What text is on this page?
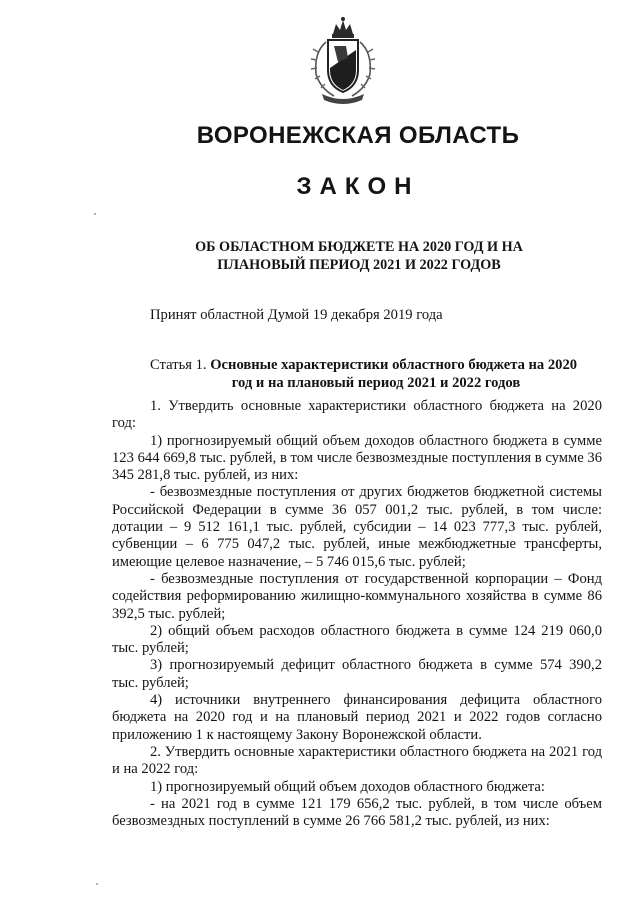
ВОРОНЕЖСКАЯ ОБЛАСТЬ
ЗАКОН
ОБ ОБЛАСТНОМ БЮДЖЕТЕ НА 2020 ГОД И НА
ПЛАНОВЫЙ ПЕРИОД 2021 И 2022 ГОДОВ
Принят областной Думой 19 декабря 2019 года
Статья 1. Основные характеристики областного бюджета на 2020
год и на плановый период 2021 и 2022 годов

1. Утвердить основные характеристики областного бюджета на 2020 год:

1) прогнозируемый общий объем доходов областного бюджета в сумме 123 644 669,8 тыс. рублей, в том числе безвозмездные поступления в сумме 36 345 281,8 тыс. рублей, из них:

- безвозмездные поступления от других бюджетов бюджетной системы Российской Федерации в сумме 36 057 001,2 тыс. рублей, в том числе: дотации – 9 512 161,1 тыс. рублей, субсидии – 14 023 777,3 тыс. рублей, субвенции – 6 775 047,2 тыс. рублей, иные межбюджетные трансферты, имеющие целевое назначение, – 5 746 015,6 тыс. рублей;

- безвозмездные поступления от государственной корпорации – Фонд содействия реформированию жилищно-коммунального хозяйства в сумме 86 392,5 тыс. рублей;

2) общий объем расходов областного бюджета в сумме 124 219 060,0 тыс. рублей;

3) прогнозируемый дефицит областного бюджета в сумме 574 390,2 тыс. рублей;

4) источники внутреннего финансирования дефицита областного бюджета на 2020 год и на плановый период 2021 и 2022 годов согласно приложению 1 к настоящему Закону Воронежской области.

2. Утвердить основные характеристики областного бюджета на 2021 год и на 2022 год:

1) прогнозируемый общий объем доходов областного бюджета:

- на 2021 год в сумме 121 179 656,2 тыс. рублей, в том числе объем безвозмездных поступлений в сумме 26 766 581,2 тыс. рублей, из них:
